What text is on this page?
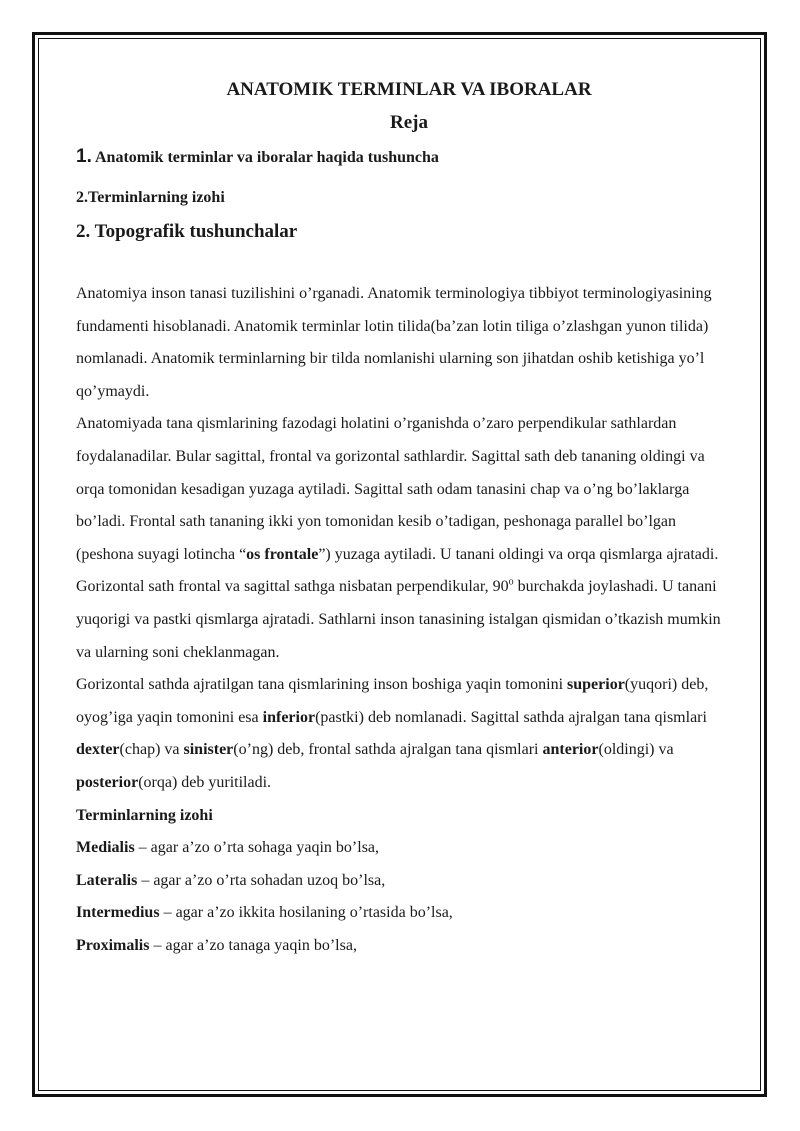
ANATOMIK TERMINLAR VA IBORALAR
Reja
1. Anatomik terminlar va iboralar haqida tushuncha
2.Terminlarning izohi
2. Topografik tushunchalar

Anatomiya inson tanasi tuzilishini o’rganadi. Anatomik terminologiya tibbiyot terminologiyasining fundamenti hisoblanadi. Anatomik terminlar lotin tilida(ba’zan lotin tiliga o’zlashgan yunon tilida) nomlanadi. Anatomik terminlarning bir tilda nomlanishi ularning son jihatdan oshib ketishiga yo’l qo’ymaydi.

Anatomiyada tana qismlarining fazodagi holatini o’rganishda o’zaro perpendikular sathlardan foydalanadilar. Bular sagittal, frontal va gorizontal sathlardir. Sagittal sath deb tananing oldingi va orqa tomonidan kesadigan yuzaga aytiladi. Sagittal sath odam tanasini chap va o’ng bo’laklarga bo’ladi. Frontal sath tananing ikki yon tomonidan kesib o’tadigan, peshonaga parallel bo’lgan (peshona suyagi lotincha “os frontale”) yuzaga aytiladi. U tanani oldingi va orqa qismlarga ajratadi. Gorizontal sath frontal va sagittal sathga nisbatan perpendikular, 90$^o$ burchakda joylashadi. U tanani yuqorigi va pastki qismlarga ajratadi. Sathlarni inson tanasining istalgan qismidan o’tkazish mumkin va ularning soni cheklanmagan.

Gorizontal sathda ajratilgan tana qismlarining inson boshiga yaqin tomonini superior(yuqori) deb, oyog’iga yaqin tomonini esa inferior(pastki) deb nomlanadi. Sagittal sathda ajralgan tana qismlari dexter(chap) va sinister(o’ng) deb, frontal sathda ajralgan tana qismlari anterior(oldingi) va posterior(orqa) deb yuritiladi.

Terminlarning izohi

Medialis – agar a’zo o’rta sohaga yaqin bo’lsa,

Lateralis – agar a’zo o’rta sohadan uzoq bo’lsa,

Intermedius – agar a’zo ikkita hosilaning o’rtasida bo’lsa,

Proximalis – agar a’zo tanaga yaqin bo’lsa,
